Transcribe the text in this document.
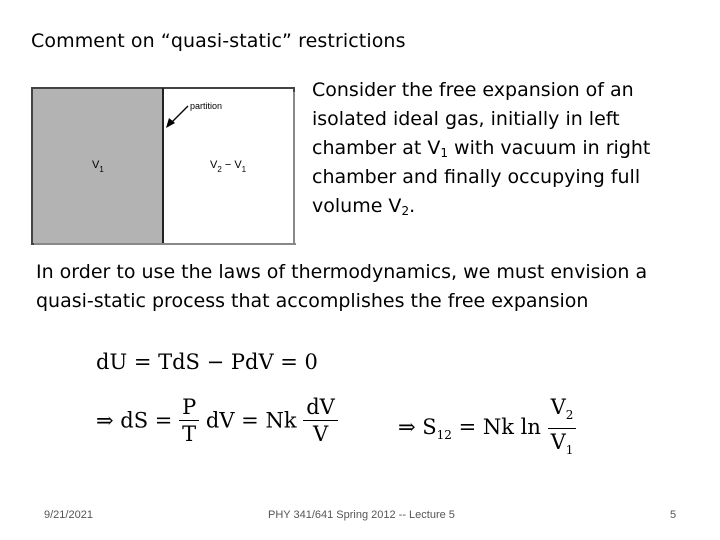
Comment on “quasi-static” restrictions
partition
$V_1$	$V_2 - V_1$
Consider the free expansion of an
isolated ideal gas, initially in left
chamber at $V_1$ with vacuum in right
chamber and finally occupying full
volume $V_2$.
In order to use the laws of thermodynamics, we must envision a
quasi-static process that accomplishes the free expansion
dU = TdS − PdV = 0
⇒ dS = $\frac{P}{T}$ dV = Nk $\frac{dV}{V}$	⇒ $S_{12} = Nk$ $\ln \frac{V_2}{V_1}$
9/21/2021	PHY 341/641 Spring 2012 -- Lecture 5	5
